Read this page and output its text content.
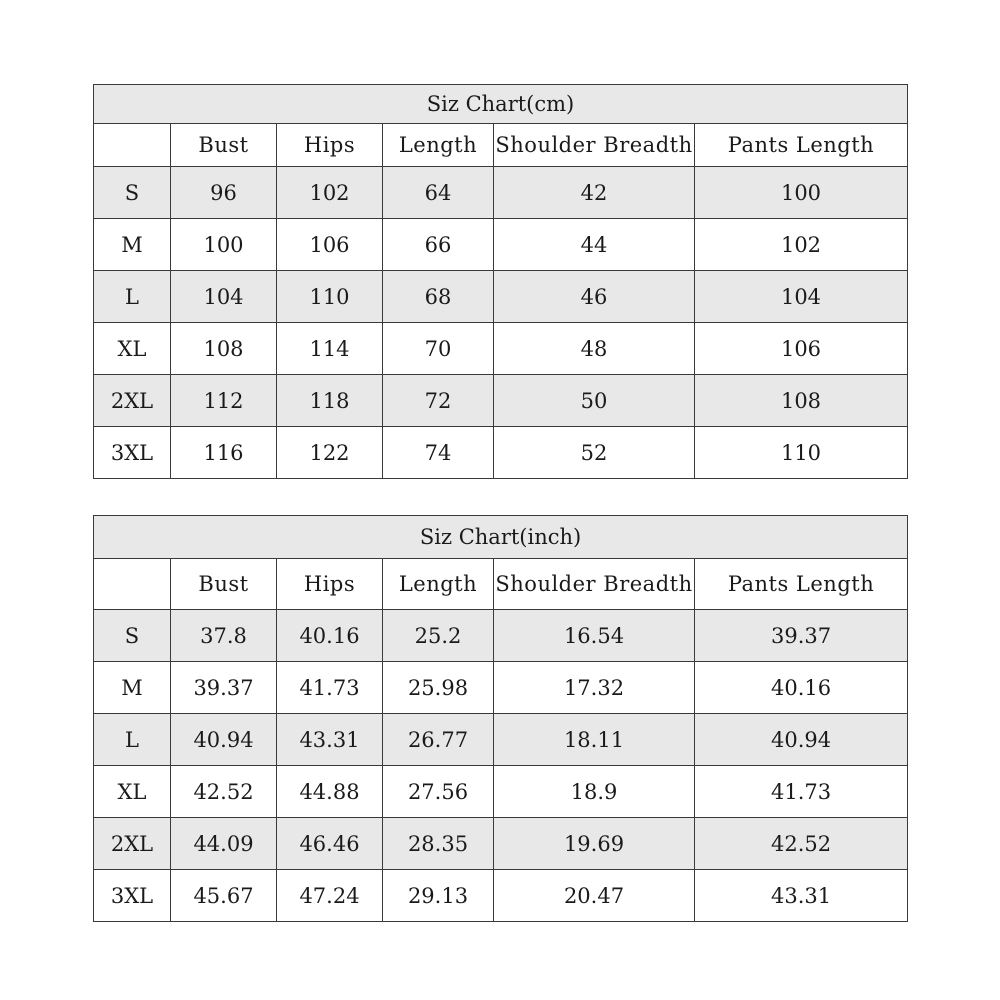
Siz Chart(cm)					
	Bust	Hips	Length	Shoulder Breadth	Pants Length
S	96	102	64	42	100
M	100	106	66	44	102
L	104	110	68	46	104
XL	108	114	70	48	106
2XL	112	118	72	50	108
3XL	116	122	74	52	110
Siz Chart(inch)					
	Bust	Hips	Length	Shoulder Breadth	Pants Length
S	37.8	40.16	25.2	16.54	39.37
M	39.37	41.73	25.98	17.32	40.16
L	40.94	43.31	26.77	18.11	40.94
XL	42.52	44.88	27.56	18.9	41.73
2XL	44.09	46.46	28.35	19.69	42.52
3XL	45.67	47.24	29.13	20.47	43.31
